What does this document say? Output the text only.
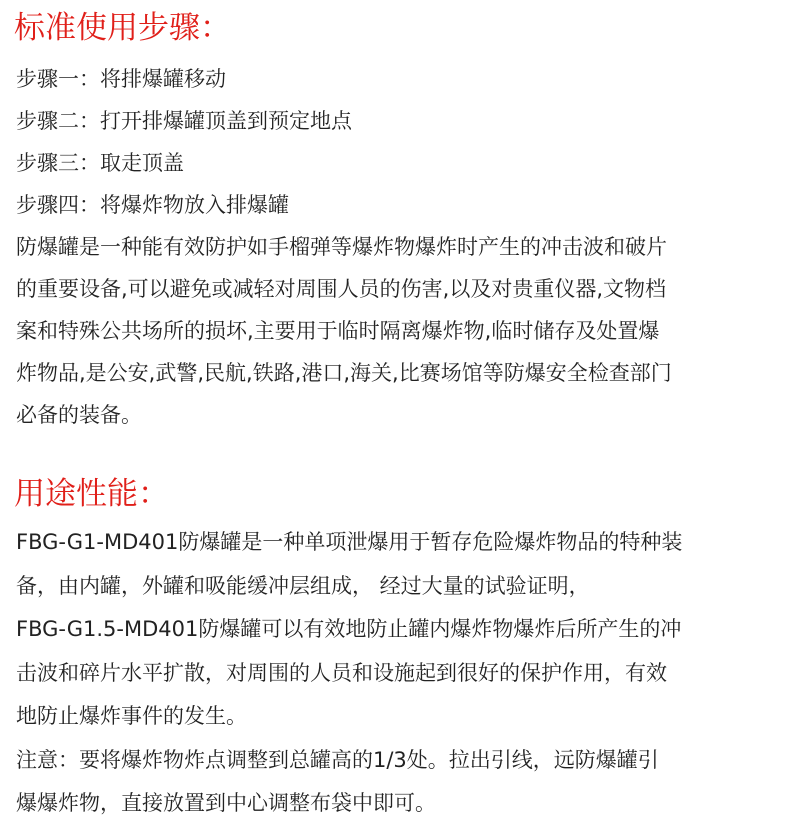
标准使用步骤：
步骤一：将排爆罐移动
步骤二：打开排爆罐顶盖到预定地点
步骤三：取走顶盖
步骤四：将爆炸物放入排爆罐
防爆罐是一种能有效防护如手榴弹等爆炸物爆炸时产生的冲击波和破片
的重要设备,可以避免或减轻对周围人员的伤害,以及对贵重仪器,文物档
案和特殊公共场所的损坏,主要用于临时隔离爆炸物,临时储存及处置爆
炸物品,是公安,武警,民航,铁路,港口,海关,比赛场馆等防爆安全检查部门
必备的装备。
用途性能：
FBG-G1-MD401防爆罐是一种单项泄爆用于暂存危险爆炸物品的特种装
备，由内罐，外罐和吸能缓冲层组成， 经过大量的试验证明，
FBG-G1.5-MD401防爆罐可以有效地防止罐内爆炸物爆炸后所产生的冲
击波和碎片水平扩散，对周围的人员和设施起到很好的保护作用，有效
地防止爆炸事件的发生。
注意：要将爆炸物炸点调整到总罐高的1/3处。拉出引线，远防爆罐引
爆爆炸物，直接放置到中心调整布袋中即可。
